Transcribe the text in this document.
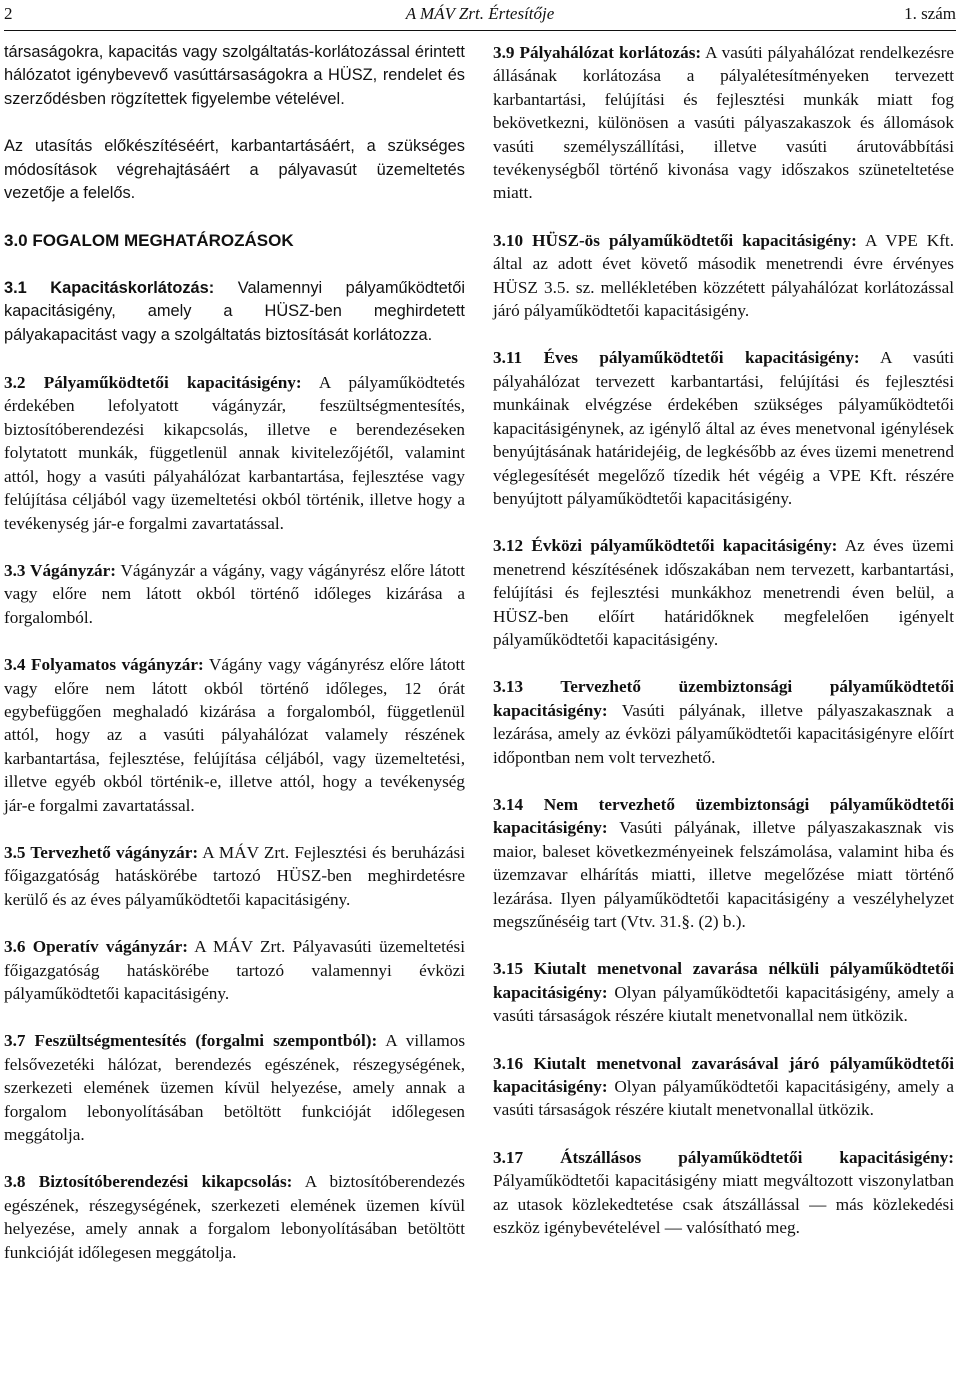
2	A MÁV Zrt. Értesítője	1. szám

társaságokra, kapacitás vagy szolgáltatás-korlátozással érintett hálózatot igénybevevő vasúttársaságokra a HÜSZ, rendelet és szerződésben rögzítettek figyelembe vételével.

Az utasítás előkészítéséért, karbantartásáért, a szükséges módosítások végrehajtásáért a pályavasút üzemeltetés vezetője a felelős.

3.0 FOGALOM MEGHATÁROZÁSOK

3.1 Kapacitáskorlátozás: Valamennyi pályaműködtetői kapacitásigény, amely a HÜSZ-ben meghirdetett pályakapacitást vagy a szolgáltatás biztosítását korlátozza.

3.2 Pályaműködtetői kapacitásigény: A pályaműködtetés érdekében lefolyatott vágányzár, feszültségmentesítés, biztosítóberendezési kikapcsolás, illetve e berendezéseken folytatott munkák, függetlenül annak kivitelezőjétől, valamint attól, hogy a vasúti pályahálózat karbantartása, fejlesztése vagy felújítása céljából vagy üzemeltetési okból történik, illetve hogy a tevékenység jár-e forgalmi zavartatással.

3.3 Vágányzár: Vágányzár a vágány, vagy vágányrész előre látott vagy előre nem látott okból történő időleges kizárása a forgalomból.

3.4 Folyamatos vágányzár: Vágány vagy vágányrész előre látott vagy előre nem látott okból történő időleges, 12 órát egybefüggően meghaladó kizárása a forgalomból, függetlenül attól, hogy az a vasúti pályahálózat valamely részének karbantartása, fejlesztése, felújítása céljából, vagy üzemeltetési, illetve egyéb okból történik-e, illetve attól, hogy a tevékenység jár-e forgalmi zavartatással.

3.5 Tervezhető vágányzár: A MÁV Zrt. Fejlesztési és beruházási főigazgatóság hatáskörébe tartozó HÜSZ-ben meghirdetésre kerülő és az éves pályaműködtetői kapacitásigény.

3.6 Operatív vágányzár: A MÁV Zrt. Pályavasúti üzemeltetési főigazgatóság hatáskörébe tartozó valamennyi évközi pályaműködtetői kapacitásigény.

3.7 Feszültségmentesítés (forgalmi szempontból): A villamos felsővezetéki hálózat, berendezés egészének, részegységének, szerkezeti elemének üzemen kívül helyezése, amely annak a forgalom lebonyolításában betöltött funkcióját időlegesen meggátolja.

3.8 Biztosítóberendezési kikapcsolás: A biztosítóberendezés egészének, részegységének, szerkezeti elemének üzemen kívül helyezése, amely annak a forgalom lebonyolításában betöltött funkcióját időlegesen meggátolja.

3.9 Pályahálózat korlátozás: A vasúti pályahálózat rendelkezésre állásának korlátozása a pályalétesítményeken tervezett karbantartási, felújítási és fejlesztési munkák miatt fog bekövetkezni, különösen a vasúti pályaszakaszok és állomások vasúti személyszállítási, illetve vasúti árutovábbítási tevékenységből történő kivonása vagy időszakos szüneteltetése miatt.

3.10 HÜSZ-ös pályaműködtetői kapacitásigény: A VPE Kft. által az adott évet követő második menetrendi évre érvényes HÜSZ 3.5. sz. mellékletében közzétett pályahálózat korlátozással járó pályaműködtetői kapacitásigény.

3.11 Éves pályaműködtetői kapacitásigény: A vasúti pályahálózat tervezett karbantartási, felújítási és fejlesztési munkáinak elvégzése érdekében szükséges pályaműködtetői kapacitásigénynek, az igénylő által az éves menetvonal igénylések benyújtásának határidejéig, de legkésőbb az éves üzemi menetrend véglegesítését megelőző tízedik hét végéig a VPE Kft. részére benyújtott pályaműködtetői kapacitásigény.

3.12 Évközi pályaműködtetői kapacitásigény: Az éves üzemi menetrend készítésének időszakában nem tervezett, karbantartási, felújítási és fejlesztési munkákhoz menetrendi éven belül, a HÜSZ-ben előírt határidőknek megfelelően igényelt pályaműködtetői kapacitásigény.

3.13 Tervezhető üzembiztonsági pályaműködtetői kapacitásigény: Vasúti pályának, illetve pályaszakasznak a lezárása, amely az évközi pályaműködtetői kapacitásigényre előírt időpontban nem volt tervezhető.

3.14 Nem tervezhető üzembiztonsági pályaműködtetői kapacitásigény: Vasúti pályának, illetve pályaszakasznak vis maior, baleset következményeinek felszámolása, valamint hiba és üzemzavar elhárítás miatti, illetve megelőzése miatt történő lezárása. Ilyen pályaműködtetői kapacitásigény a veszélyhelyzet megszűnéséig tart (Vtv. 31.§. (2) b.).

3.15 Kiutalt menetvonal zavarása nélküli pályaműködtetői kapacitásigény: Olyan pályaműködtetői kapacitásigény, amely a vasúti társaságok részére kiutalt menetvonallal nem ütközik.

3.16 Kiutalt menetvonal zavarásával járó pályaműködtetői kapacitásigény: Olyan pályaműködtetői kapacitásigény, amely a vasúti társaságok részére kiutalt menetvonallal ütközik.

3.17 Átszállásos pályaműködtetői kapacitásigény: Pályaműködtetői kapacitásigény miatt megváltozott viszonylatban az utasok közlekedtetése csak átszállással — más közlekedési eszköz igénybevételével — valósítható meg.
